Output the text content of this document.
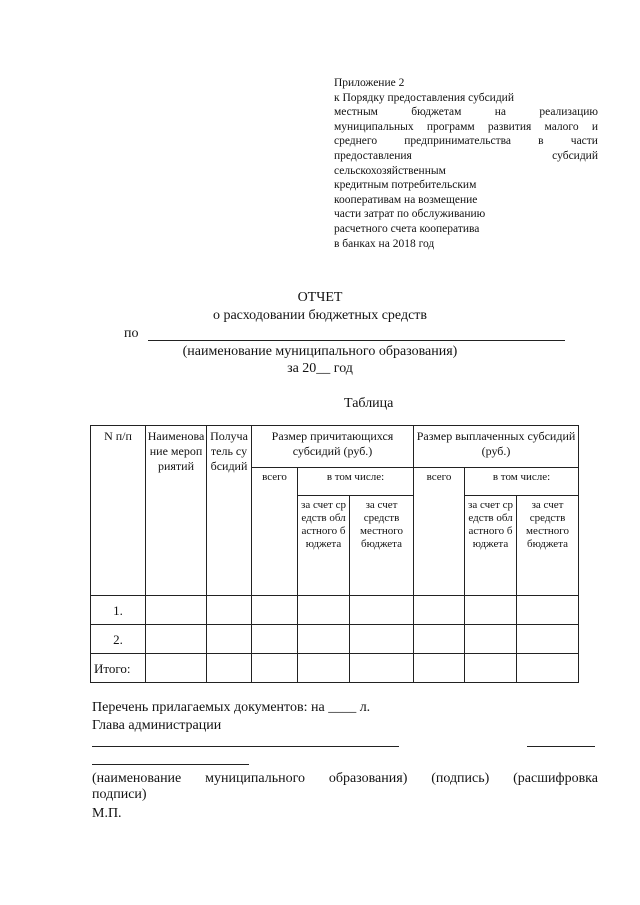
Приложение 2
к Порядку предоставления субсидий
местным	бюджетам	на	реализацию
муниципальных программ развития малого и
среднего предпринимательства в части
предоставления	субсидий
сельскохозяйственным
кредитным потребительским
кооперативам на возмещение
части затрат по обслуживанию
расчетного счета кооператива
в банках на 2018 год
ОТЧЕТ
о расходовании бюджетных средств
по
(наименование муниципального образования)
за 20__ год
Таблица
N п/п	Наименование мероприятий	Получатель субсидий	Размер причитающихся субсидий (руб.)			Размер выплаченных субсидий (руб.)		
			всего	в том числе:		всего	в том числе:	
				за счет средств областного бюджета	за счет средств местного бюджета		за счет средств областного бюджета	за счет средств местного бюджета
1.								
2.								
Итого:								
Перечень прилагаемых документов: на ____ л.
Глава администрации
(наименование муниципального образования) (подпись) (расшифровка
подписи)
М.П.
